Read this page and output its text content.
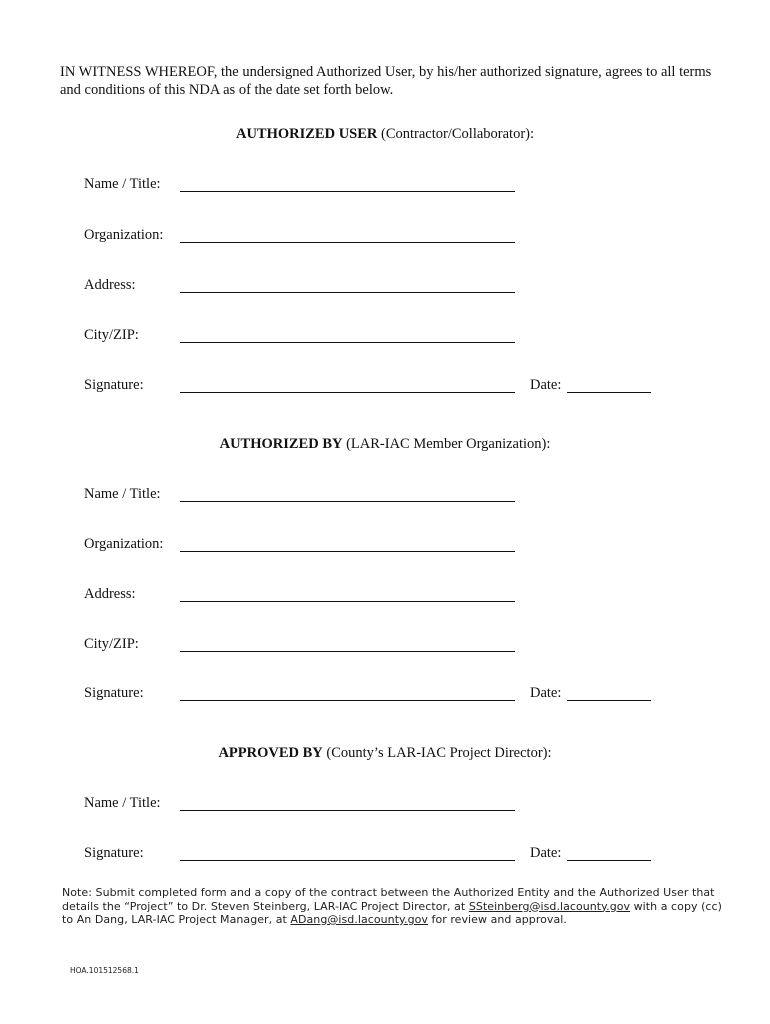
IN WITNESS WHEREOF, the undersigned Authorized User, by his/her authorized signature, agrees to all terms and conditions of this NDA as of the date set forth below.
AUTHORIZED USER (Contractor/Collaborator):
Name / Title:
Organization:
Address:
City/ZIP:
Signature:	Date:
AUTHORIZED BY (LAR-IAC Member Organization):
Name / Title:
Organization:
Address:
City/ZIP:
Signature:	Date:
APPROVED BY (County’s LAR-IAC Project Director):
Name / Title:
Signature:	Date:
Note: Submit completed form and a copy of the contract between the Authorized Entity and the Authorized User that details the “Project” to Dr. Steven Steinberg, LAR-IAC Project Director, at SSteinberg@isd.lacounty.gov with a copy (cc) to An Dang, LAR-IAC Project Manager, at ADang@isd.lacounty.gov for review and approval.
HOA.101512568.1
